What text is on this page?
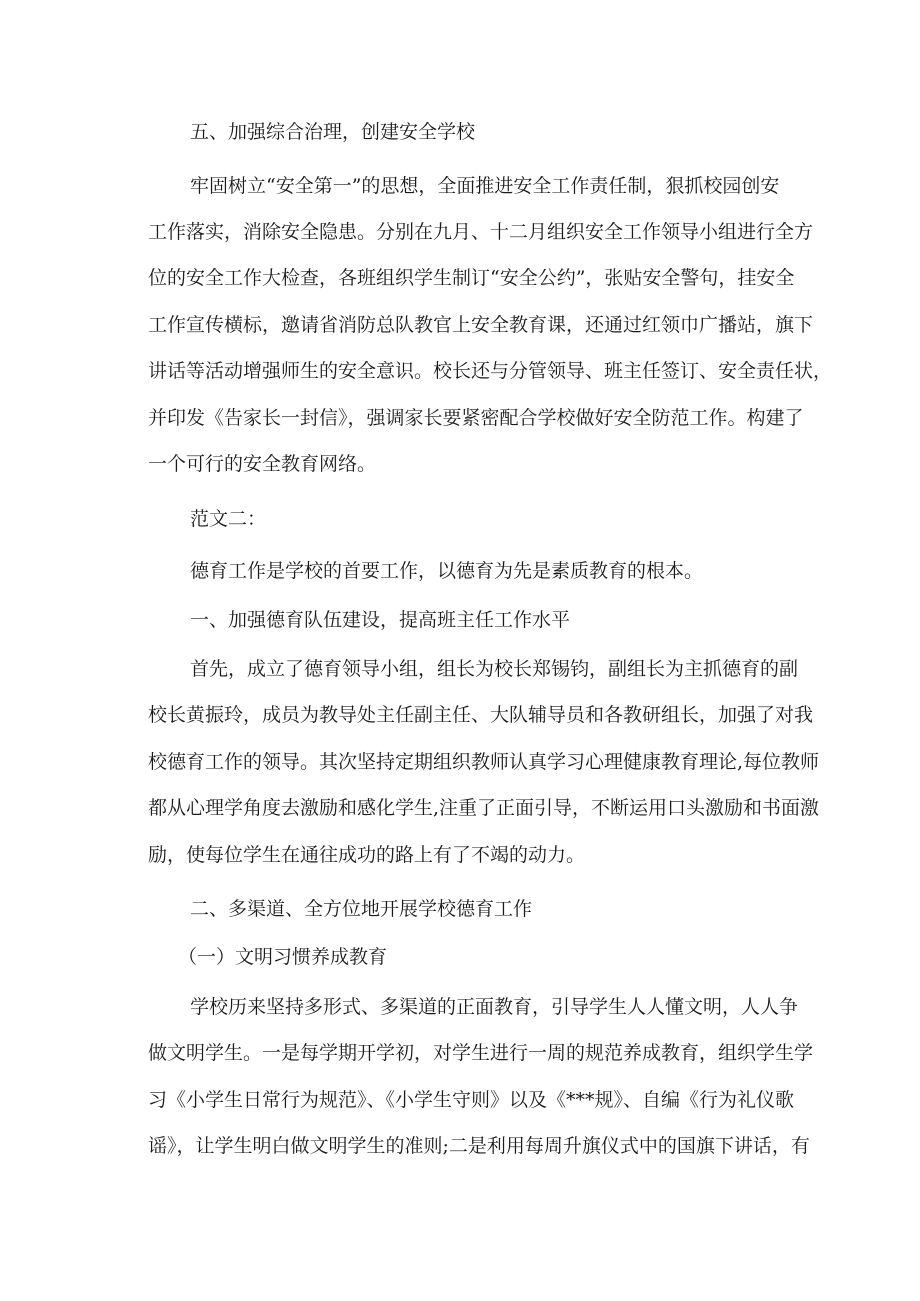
五、加强综合治理，创建安全学校
牢固树立“安全第一”的思想，全面推进安全工作责任制，狠抓校园创安
工作落实，消除安全隐患。分别在九月、十二月组织安全工作领导小组进行全方
位的安全工作大检查，各班组织学生制订“安全公约”，张贴安全警句，挂安全
工作宣传横标，邀请省消防总队教官上安全教育课，还通过红领巾广播站，旗下
讲话等活动增强师生的安全意识。校长还与分管领导、班主任签订、安全责任状，
并印发《告家长一封信》，强调家长要紧密配合学校做好安全防范工作。构建了
一个可行的安全教育网络。
范文二：
德育工作是学校的首要工作，以德育为先是素质教育的根本。
一、加强德育队伍建设，提高班主任工作水平
首先，成立了德育领导小组，组长为校长郑锡钧，副组长为主抓德育的副
校长黄振玲，成员为教导处主任副主任、大队辅导员和各教研组长，加强了对我
校德育工作的领导。其次坚持定期组织教师认真学习心理健康教育理论,每位教师
都从心理学角度去激励和感化学生,注重了正面引导，不断运用口头激励和书面激
励，使每位学生在通往成功的路上有了不竭的动力。
二、多渠道、全方位地开展学校德育工作
（一）文明习惯养成教育
学校历来坚持多形式、多渠道的正面教育，引导学生人人懂文明，人人争
做文明学生。一是每学期开学初，对学生进行一周的规范养成教育，组织学生学
习《小学生日常行为规范》、《小学生守则》以及《***规》、自编《行为礼仪歌
谣》，让学生明白做文明学生的准则;二是利用每周升旗仪式中的国旗下讲话，有
